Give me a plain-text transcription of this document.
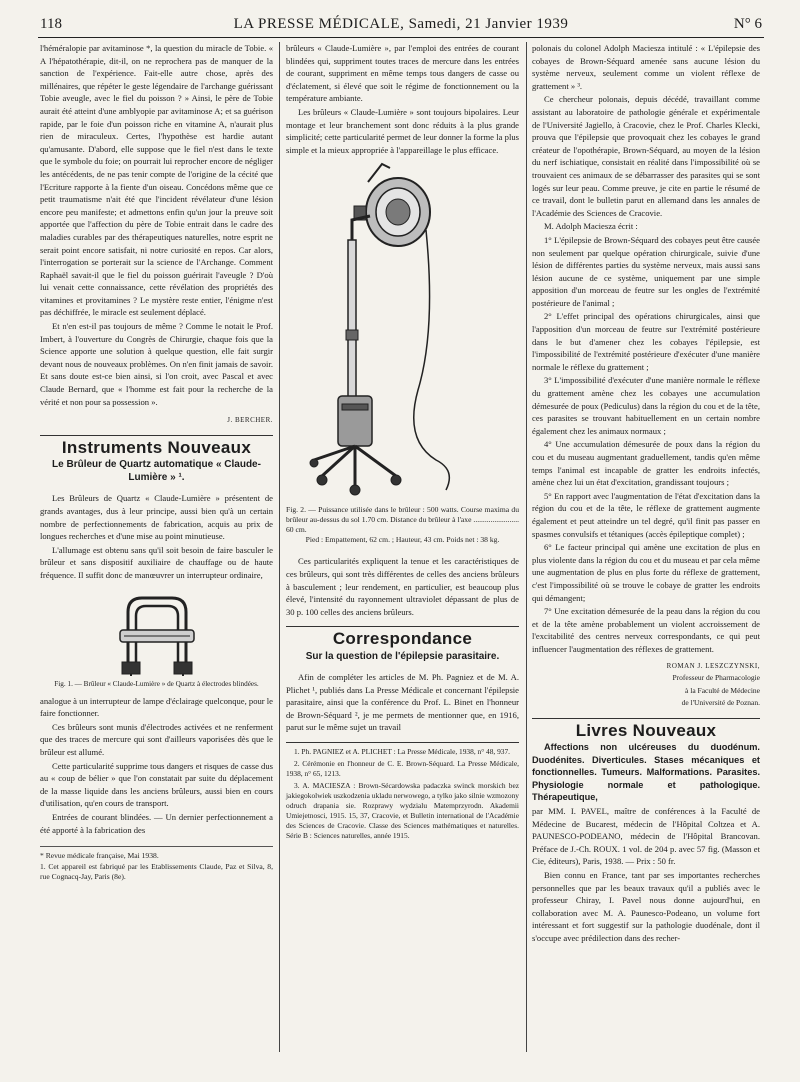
118	LA PRESSE MÉDICALE, Samedi, 21 Janvier 1939	N° 6

l'héméralopie par avitaminose *, la question du miracle de Tobie. « A l'hépatothérapie, dit-il, on ne reprochera pas de manquer de la sanction de l'expérience. Fait-elle autre chose, après des millénaires, que répéter le geste légendaire de l'archange guérissant Tobie aveugle, avec le fiel du poisson ? » Ainsi, le père de Tobie aurait été atteint d'une amblyopie par avitaminose A; et sa guérison rapide, par le foie d'un poisson riche en vitamine A, n'aurait plus rien de miraculeux. Certes, l'hypothèse est hardie autant qu'amusante. D'abord, elle suppose que le fiel n'est dans le texte que le symbole du foie; on pourrait lui reprocher encore de négliger les antécédents, de ne pas tenir compte de l'origine de la cécité que l'Ecriture rapporte à la fiente d'un oiseau. Concédons même que ce petit traumatisme n'ait été que l'incident révélateur d'une lésion encore peu manifeste; et admettons enfin qu'un jour la preuve soit apportée que l'affection du père de Tobie entrait dans le cadre des maladies curables par des thérapeutiques naturelles, notre esprit ne serait point encore satisfait, ni notre curiosité en repos. Car alors, l'interrogation se porterait sur la science de l'Archange. Comment Raphaël savait-il que le fiel du poisson guérirait l'aveugle ? D'où lui venait cette connaissance, cette révélation des propriétés des vitamines et provitamines ? Le mystère reste entier, l'énigme n'est pas déchiffrée, le miracle est seulement déplacé.

Et n'en est-il pas toujours de même ? Comme le notait le Prof. Imbert, à l'ouverture du Congrès de Chirurgie, chaque fois que la Science apporte une solution à quelque question, elle fait surgir devant nous de nouveaux problèmes. On n'en finit jamais de savoir. Et sans doute est-ce bien ainsi, si l'on croit, avec Pascal et avec Claude Bernard, que « l'homme est fait pour la recherche de la vérité et non pour sa possession ».

J. BERCHER.
Instruments Nouveaux
Le Brûleur de Quartz automatique « Claude-Lumière » ¹.

Les Brûleurs de Quartz « Claude-Lumière » présentent de grands avantages, dus à leur principe, aussi bien qu'à un certain nombre de perfectionnements de fabrication, acquis au prix de longues recherches et d'une mise au point minutieuse.

L'allumage est obtenu sans qu'il soit besoin de faire basculer le brûleur et sans dispositif auxiliaire de chauffage ou de haute fréquence. Il suffit donc de manœuvrer un interrupteur ordinaire,

Fig. 1. — Brûleur « Claude-Lumière » de Quartz à électrodes blindées.

analogue à un interrupteur de lampe d'éclairage quelconque, pour le faire fonctionner.

Ces brûleurs sont munis d'électrodes activées et ne renferment que des traces de mercure qui sont d'ailleurs vaporisées dès que le brûleur est allumé.

Cette particularité supprime tous dangers et risques de casse dus au « coup de bélier » que l'on constatait par suite du déplacement de la masse liquide dans les anciens brûleurs, aussi bien en cours d'utilisation, qu'en cours de transport.

Entrées de courant blindées. — Un dernier perfectionnement a été apporté à la fabrication des

* Revue médicale française, Mai 1938.
1. Cet appareil est fabriqué par les Etablissements Claude, Paz et Silva, 8, rue Cognacq-Jay, Paris (8e).

brûleurs « Claude-Lumière », par l'emploi des entrées de courant blindées qui, suppriment toutes traces de mercure dans les entrées de courant, suppriment en même temps tous dangers de casse ou d'éclatement, si élevé que soit le régime de fonctionnement ou la température ambiante.

Les brûleurs « Claude-Lumière » sont toujours bipolaires. Leur montage et leur branchement sont donc réduits à la plus grande simplicité; cette particularité permet de leur donner la forme la plus simple et la mieux appropriée à l'appareillage le plus efficace.

Fig. 2. — Puissance utilisée dans le brûleur : 500 watts. Course maxima du brûleur au-dessus du sol 1.70 cm. Distance du brûleur à l'axe ........................ 60 cm.
Pied : Empattement, 62 cm. ; Hauteur, 43 cm. Poids net : 38 kg.

Ces particularités expliquent la tenue et les caractéristiques de ces brûleurs, qui sont très différentes de celles des anciens brûleurs à basculement ; leur rendement, en particulier, est beaucoup plus élevé, l'intensité du rayonnement ultraviolet dépassant de plus de 30 p. 100 celles des anciens brûleurs.

Correspondance
Sur la question de l'épilepsie parasitaire.

Afin de compléter les articles de M. Ph. Pagniez et de M. A. Plichet ¹, publiés dans La Presse Médicale et concernant l'épilepsie parasitaire, ainsi que la conférence du Prof. L. Binet en l'honneur de Brown-Séquard ², je me permets de mentionner que, en 1916, parut sur le même sujet un travail

1. Ph. PAGNIEZ et A. PLICHET : La Presse Médicale, 1938, n° 48, 937.

2. Cérémonie en l'honneur de C. E. Brown-Séquard. La Presse Médicale, 1938, n° 65, 1213.

3. A. MACIESZA : Brown-Sécardowska padaczka swinck morskich bez jakiegokolwiek uszkodzenia ukladu nerwowego, a tylko jako silnie wzmozony odruch drapania sie. Rozprawy wydzialu Matemprzyrodn. Akademii Umiejetnosci, 1915. 15, 37, Cracovie, et Bulletin international de l'Académie des Sciences de Cracovie. Classe des Sciences mathématiques et naturelles. Série B : Sciences naturelles, année 1915.

polonais du colonel Adolph Maciesza intitulé : « L'épilepsie des cobayes de Brown-Séquard amenée sans aucune lésion du système nerveux, seulement comme un violent réflexe de grattement » ³.

Ce chercheur polonais, depuis décédé, travaillant comme assistant au laboratoire de pathologie générale et expérimentale de l'Université Jagiello, à Cracovie, chez le Prof. Charles Klecki, prouva que l'épilepsie que provoquait chez les cobayes le grand créateur de l'opothérapie, Brown-Séquard, au moyen de la lésion du nerf ischiatique, consistait en réalité dans l'impossibilité où se trouvaient ces animaux de se débarrasser des parasites qui se sont logés sur leur peau. Comme preuve, je cite en partie le résumé de ce travail, dont le bulletin parut en allemand dans les annales de l'Académie des Sciences de Cracovie.

M. Adolph Maciesza écrit :

1° L'épilepsie de Brown-Séquard des cobayes peut être causée non seulement par quelque opération chirurgicale, suivie d'une lésion de différentes parties du système nerveux, mais aussi sans lésion aucune de ce système, uniquement par une simple apposition d'un morceau de feutre sur les ongles de l'extrémité postérieure de l'animal ;

2° L'effet principal des opérations chirurgicales, ainsi que l'apposition d'un morceau de feutre sur l'extrémité postérieure dans le but d'amener chez les cobayes l'épilepsie, est l'impossibilité de l'extrémité postérieure d'exécuter d'une manière normale le réflexe du grattement ;

3° L'impossibilité d'exécuter d'une manière normale le réflexe du grattement amène chez les cobayes une accumulation démesurée de poux (Pediculus) dans la région du cou et de la tête, ces parasites se trouvant habituellement en un certain nombre également chez les animaux normaux ;

4° Une accumulation démesurée de poux dans la région du cou et du museau augmentant graduellement, tandis qu'en même temps l'animal est incapable de gratter les endroits infectés, amène chez lui un état d'excitation, grandissant toujours ;

5° En rapport avec l'augmentation de l'état d'excitation dans la région du cou et de la tête, le réflexe de grattement augmente également et peut atteindre un tel degré, qu'il finit pas passer en spasmes convulsifs et tétaniques (accès épileptique complet) ;

6° Le facteur principal qui amène une excitation de plus en plus violente dans la région du cou et du museau et par cela même une augmentation de plus en plus forte du réflexe de grattement, c'est l'impossibilité où se trouve le cobaye de gratter les endroits qui démangent;

7° Une excitation démesurée de la peau dans la région du cou et de la tête amène probablement un violent accroissement de l'excitabilité des centres nerveux correspondants, ce qui peut influencer l'augmentation des réflexes de grattement.

ROMAN J. LESZCZYNSKI,
Professeur de Pharmacologie
à la Faculté de Médecine
de l'Université de Poznan.
Livres Nouveaux

Affections non ulcéreuses du duodénum. Duodénites. Diverticules. Stases mécaniques et fonctionnelles. Tumeurs. Malformations. Parasites. Physiologie normale et pathologique. Thérapeutique,

par MM. I. PAVEL, maître de conférences à la Faculté de Médecine de Bucarest, médecin de l'Hôpital Coltzea et A. PAUNESCO-PODEANO, médecin de l'Hôpital Brancovan. Préface de J.-Ch. ROUX. 1 vol. de 204 p. avec 57 fig. (Masson et Cie, éditeurs), Paris, 1938. — Prix : 50 fr.

Bien connu en France, tant par ses importantes recherches personnelles que par les beaux travaux qu'il a publiés avec le professeur Chiray, I. Pavel nous donne aujourd'hui, en collaboration avec M. A. Paunesco-Podeano, un volume fort intéressant et fort suggestif sur la pathologie duodénale, dont il s'occupe avec prédilection dans des recher-
